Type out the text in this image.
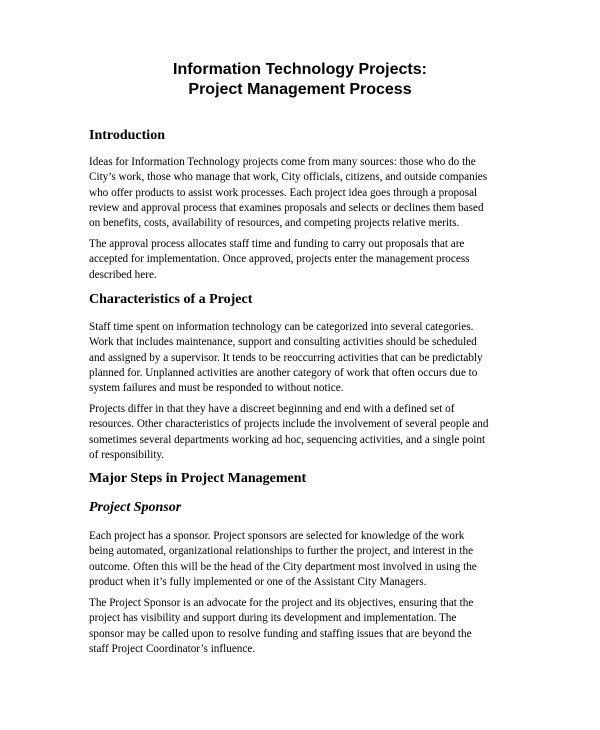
Information Technology Projects:
Project Management Process
Introduction
Ideas for Information Technology projects come from many sources: those who do the
City’s work, those who manage that work, City officials, citizens, and outside companies
who offer products to assist work processes. Each project idea goes through a proposal
review and approval process that examines proposals and selects or declines them based
on benefits, costs, availability of resources, and competing projects relative merits.
The approval process allocates staff time and funding to carry out proposals that are
accepted for implementation. Once approved, projects enter the management process
described here.
Characteristics of a Project
Staff time spent on information technology can be categorized into several categories.
Work that includes maintenance, support and consulting activities should be scheduled
and assigned by a supervisor. It tends to be reoccurring activities that can be predictably
planned for. Unplanned activities are another category of work that often occurs due to
system failures and must be responded to without notice.
Projects differ in that they have a discreet beginning and end with a defined set of
resources. Other characteristics of projects include the involvement of several people and
sometimes several departments working ad hoc, sequencing activities, and a single point
of responsibility.
Major Steps in Project Management
Project Sponsor
Each project has a sponsor. Project sponsors are selected for knowledge of the work
being automated, organizational relationships to further the project, and interest in the
outcome. Often this will be the head of the City department most involved in using the
product when it’s fully implemented or one of the Assistant City Managers.
The Project Sponsor is an advocate for the project and its objectives, ensuring that the
project has visibility and support during its development and implementation. The
sponsor may be called upon to resolve funding and staffing issues that are beyond the
staff Project Coordinator’s influence.
